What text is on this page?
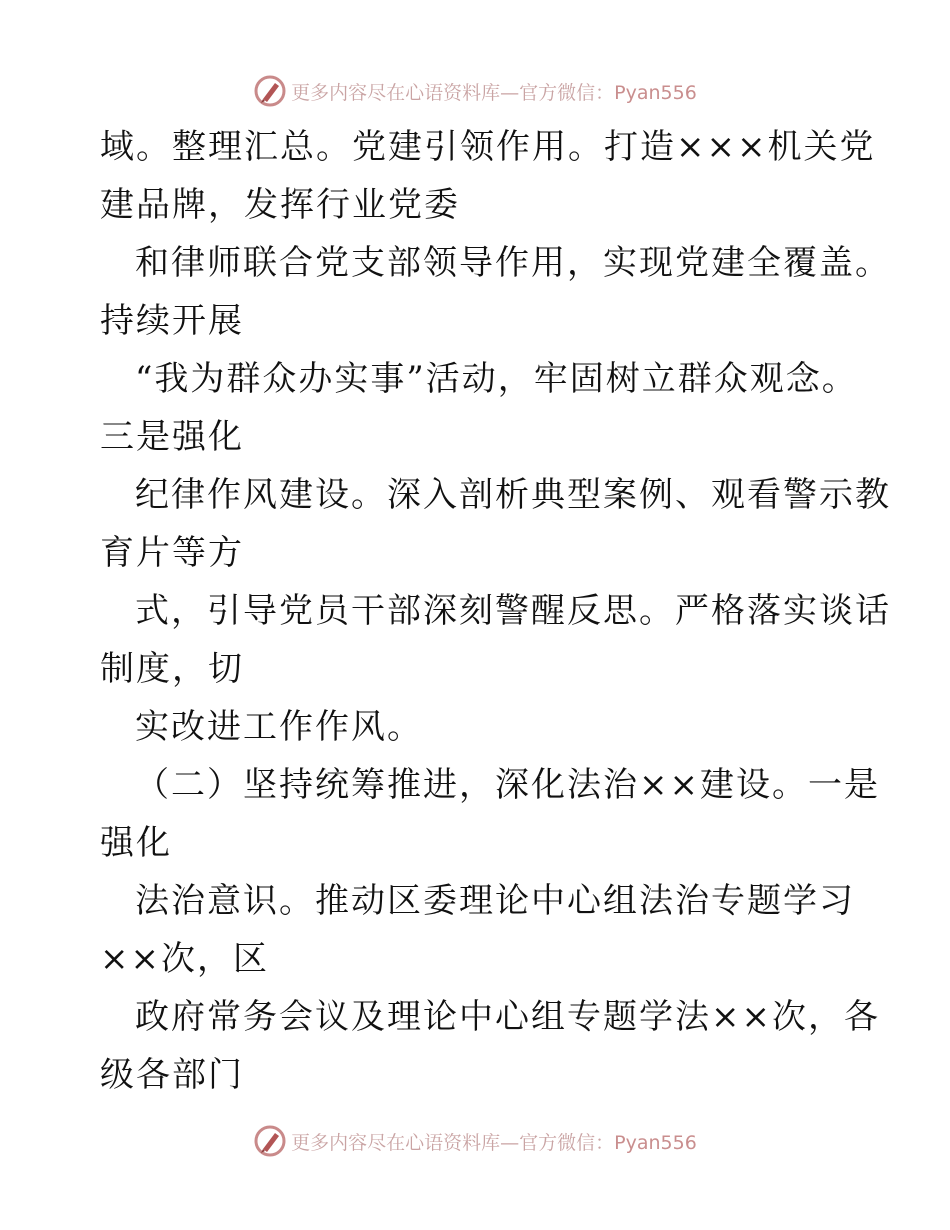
更多内容尽在心语资料库—官方微信：Pyan556
域。整理汇总。党建引领作用。打造×××机关党
建品牌，发挥行业党委
和律师联合党支部领导作用，实现党建全覆盖。
持续开展
“我为群众办实事”活动，牢固树立群众观念。
三是强化
纪律作风建设。深入剖析典型案例、观看警示教
育片等方
式，引导党员干部深刻警醒反思。严格落实谈话
制度，切
实改进工作作风。
（二）坚持统筹推进，深化法治××建设。一是
强化
法治意识。推动区委理论中心组法治专题学习
××次，区
政府常务会议及理论中心组专题学法××次，各
级各部门
更多内容尽在心语资料库—官方微信：Pyan556
